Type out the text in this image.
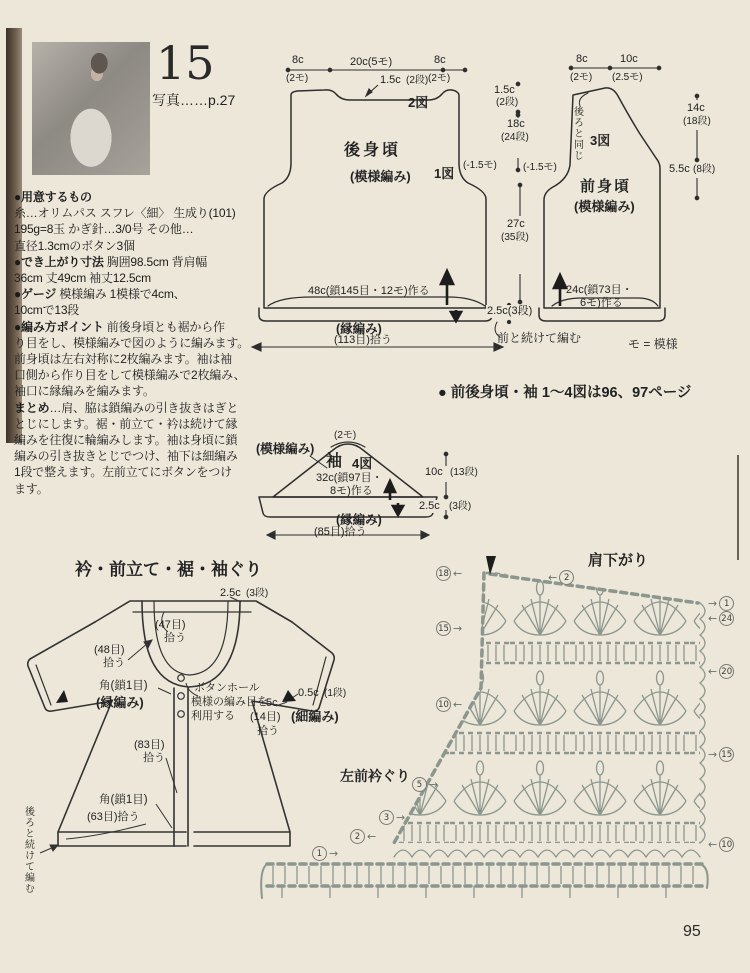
15
写真……p.27
●用意するもの
糸…オリムパス スフレ〈細〉 生成り(101)
195g=8玉 かぎ針…3/0号 その他…
直径1.3cmのボタン3個
●でき上がり寸法 胸囲98.5cm 背肩幅
36cm 丈49cm 袖丈12.5cm
●ゲージ 模様編み 1模様で4cm、
10cmで13段
●編み方ポイント 前後身頃とも裾から作
り目をし、模様編みで図のように編みます。
前身頃は左右対称に2枚編みます。袖は袖
口側から作り目をして模様編みで2枚編み、
袖口に縁編みを編みます。
まとめ…肩、脇は鎖編みの引き抜きはぎと
とじにします。裾・前立て・衿は続けて縁
編みを往復に輪編みします。袖は身頃に鎖
編みの引き抜きとじでつけ、袖下は細編み
1段で整えます。左前立てにボタンをつけ
ます。
8c
(2モ)
20c(5モ)	8c
(2モ)
1.5c (2段)
2図
後身頃
(模様編み) 1図
(-1.5モ)
48c(鎖145目・12モ)作る
(縁編み)
(113目)拾う
1.5c
(2段)
18c
(24段)
27c
(35段)
2.5c(3段)
前と続けて編む
8c
(2モ)
10c
(2.5モ)
(-1.5モ)
後ろと同じ 3図
前身頃
(模様編み)
14c
(18段)
5.5c (8段)
24c(鎖73目・
6モ)作る
モ = 模様
● 前後身頃・袖 1〜4図は96、97ページ
(2モ)
(模様編み)
袖 4図
32c(鎖97目・
8モ)作る
(縁編み)
(85目)拾う
10c (13段)
2.5c (3段)
衿・前立て・裾・袖ぐり
2.5c (3段)
(47目)
拾う
(48目)
拾う
角(鎖1目)
(縁編み)
ボタンホール
模様の編み目を
利用する
0.5c (1段)
5c
(14目)
拾う
(細編み)
(83目)
拾う
角(鎖1目)
(63目)拾う
後ろと続けて編む
肩下がり
左前衿ぐり
→ 1
← 24
← 20
→ 15
← 10
18 ←
15 →
10 ←
5 →
3 →
2 ←
1 →
← 2
95
